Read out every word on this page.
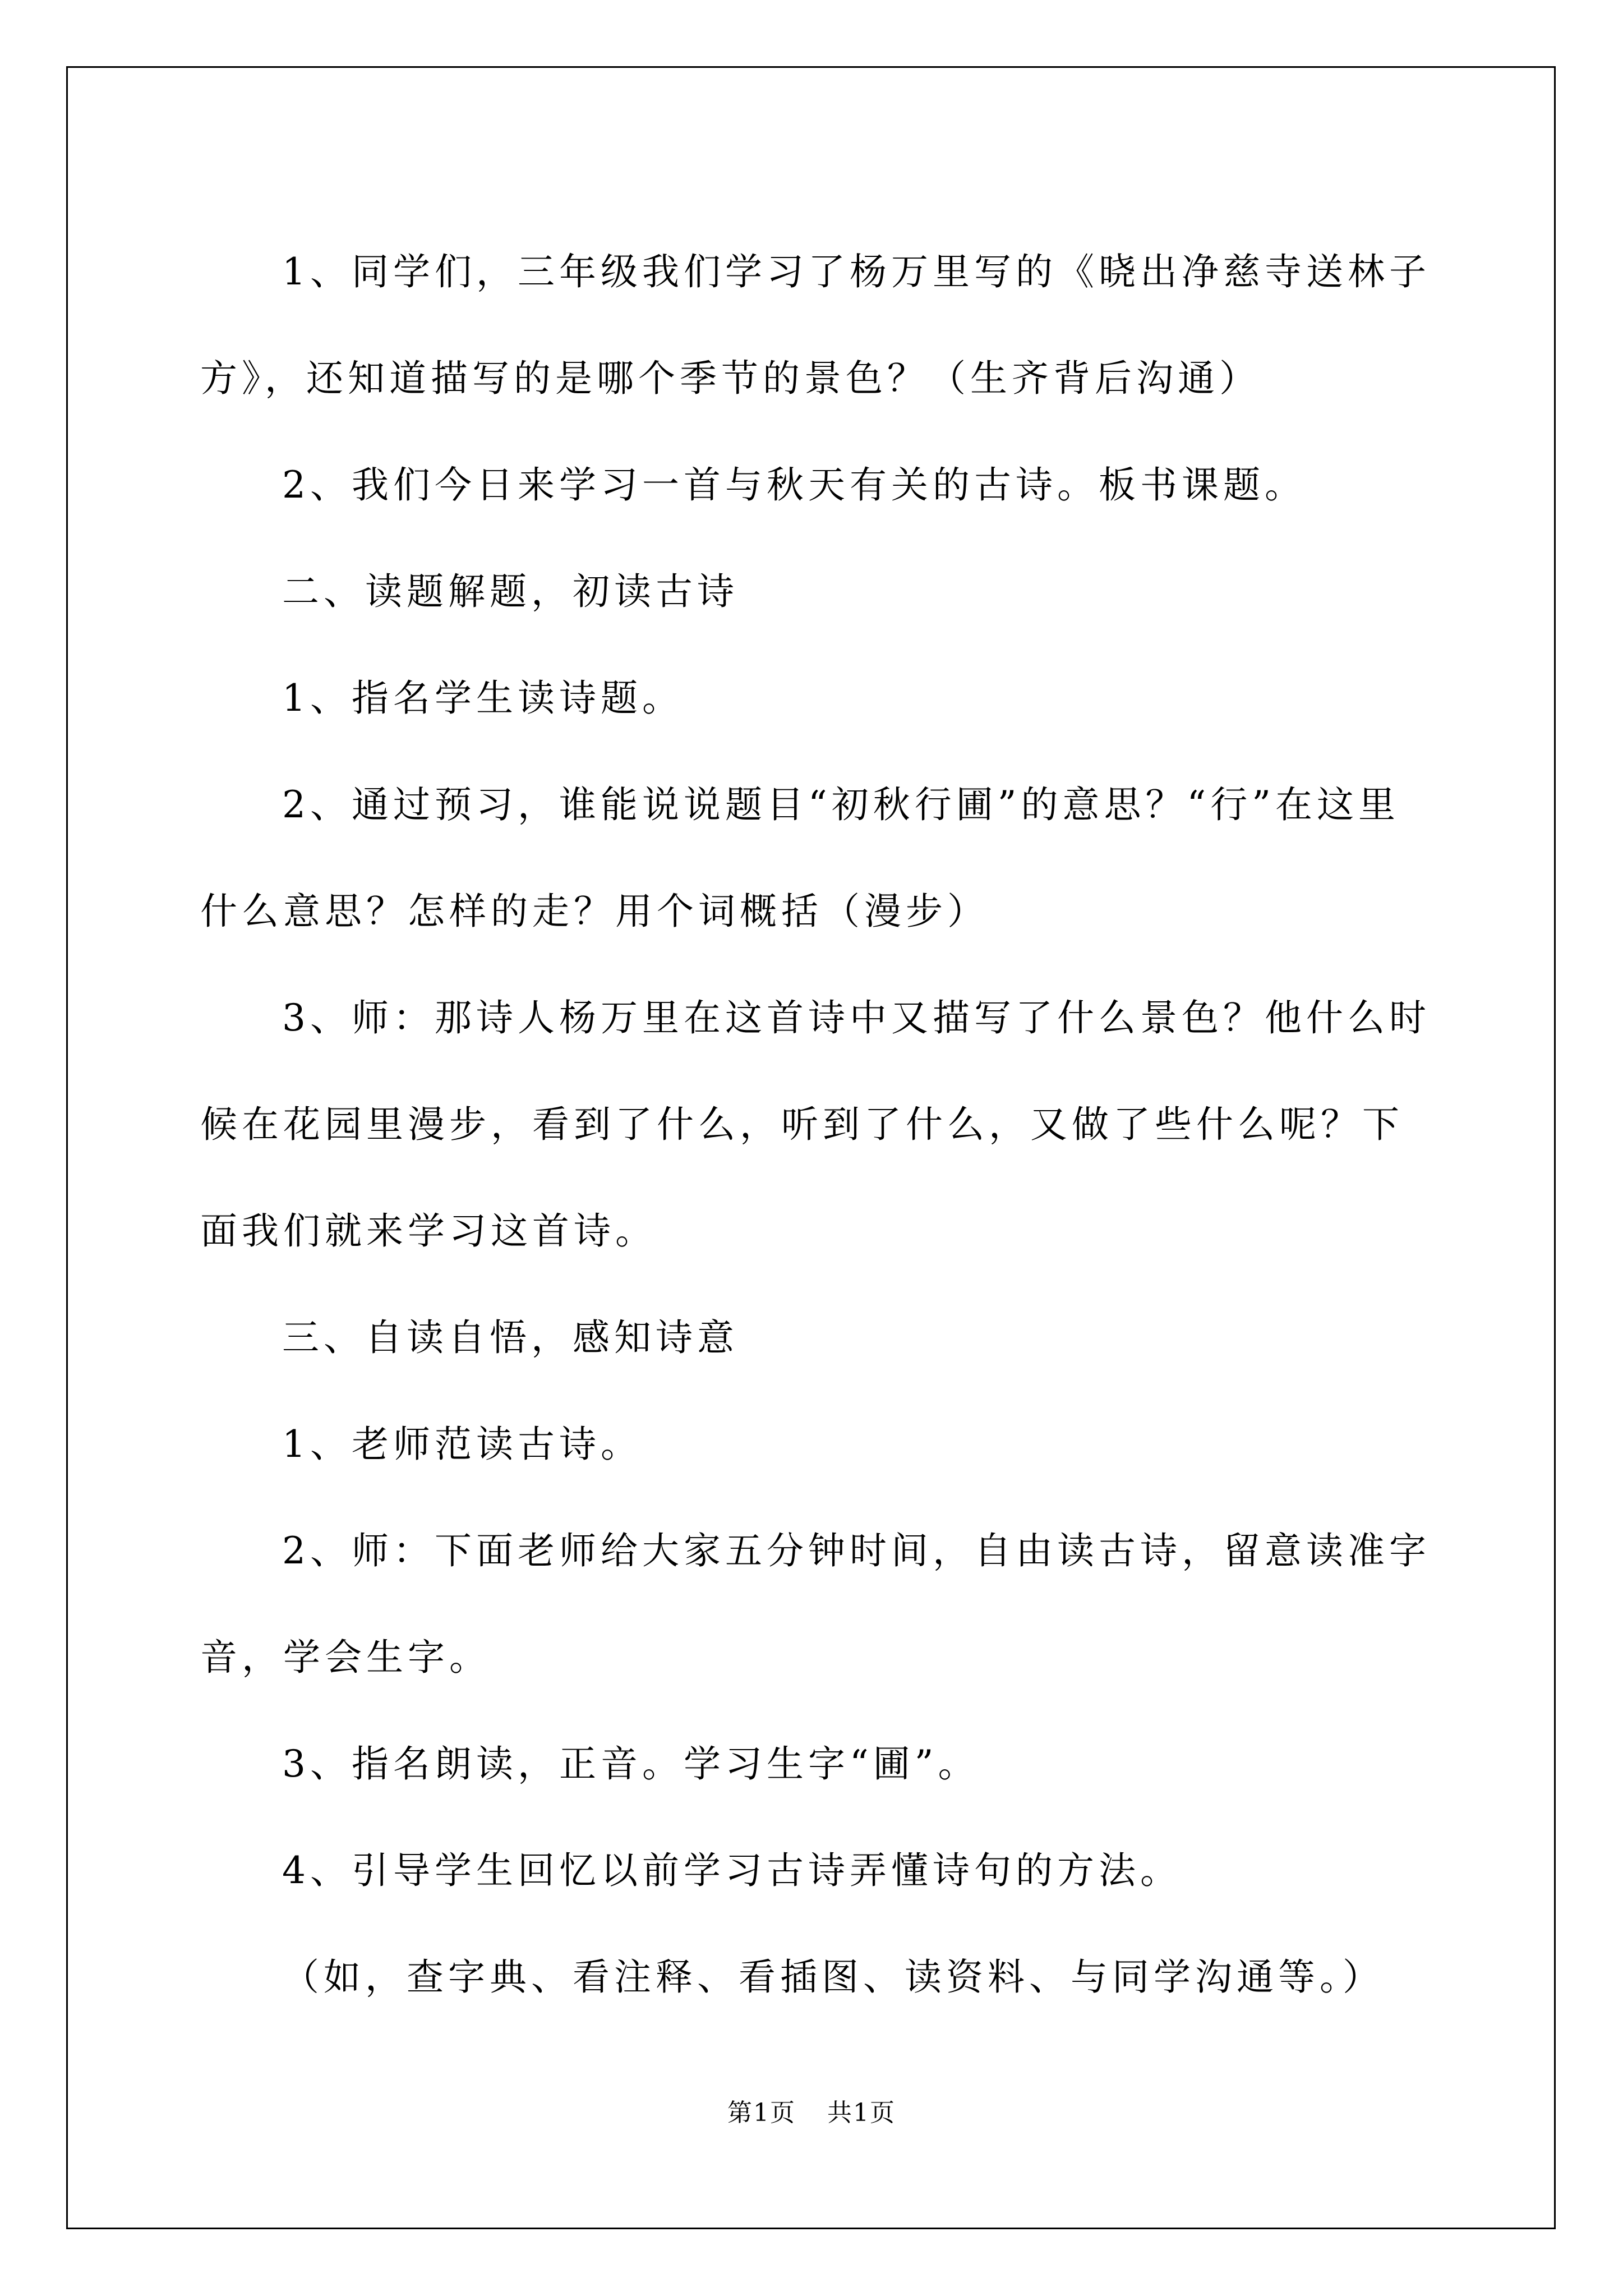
1、同学们，三年级我们学习了杨万里写的《晓出净慈寺送林子方》，还知道描写的是哪个季节的景色？（生齐背后沟通）

2、我们今日来学习一首与秋天有关的古诗。板书课题。

二、读题解题，初读古诗

1、指名学生读诗题。

2、通过预习，谁能说说题目“初秋行圃”的意思？“行”在这里什么意思？怎样的走？用个词概括（漫步）

3、师：那诗人杨万里在这首诗中又描写了什么景色？他什么时候在花园里漫步，看到了什么，听到了什么，又做了些什么呢？下面我们就来学习这首诗。

三、自读自悟，感知诗意

1、老师范读古诗。

2、师：下面老师给大家五分钟时间，自由读古诗，留意读准字音，学会生字。

3、指名朗读，正音。学习生字“圃”。

4、引导学生回忆以前学习古诗弄懂诗句的方法。

（如，查字典、看注释、看插图、读资料、与同学沟通等。）

第1页 共1页
